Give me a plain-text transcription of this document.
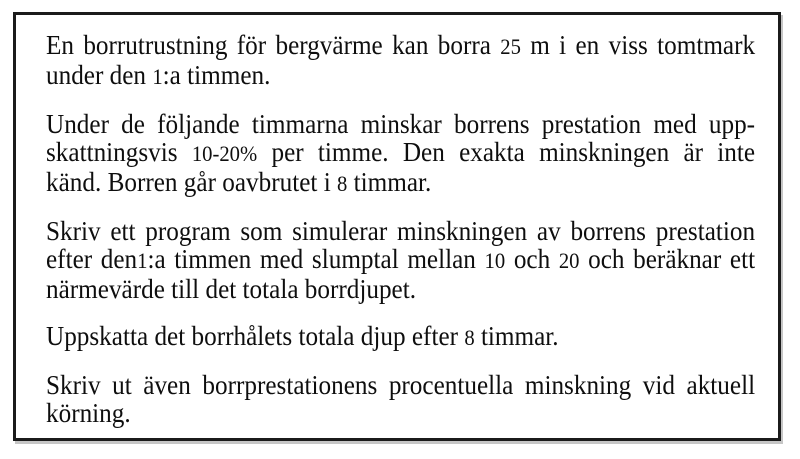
En borrutrustning för bergvärme kan borra 25 m i en viss tomtmark
under den 1:a timmen.
Under de följande timmarna minskar borrens prestation med upp-
skattningsvis 10-20% per timme. Den exakta minskningen är inte
känd. Borren går oavbrutet i 8 timmar.
Skriv ett program som simulerar minskningen av borrens prestation
efter den1:a timmen med slumptal mellan 10 och 20 och beräknar ett
närmevärde till det totala borrdjupet.
Uppskatta det borrhålets totala djup efter 8 timmar.
Skriv ut även borrprestationens procentuella minskning vid aktuell
körning.
